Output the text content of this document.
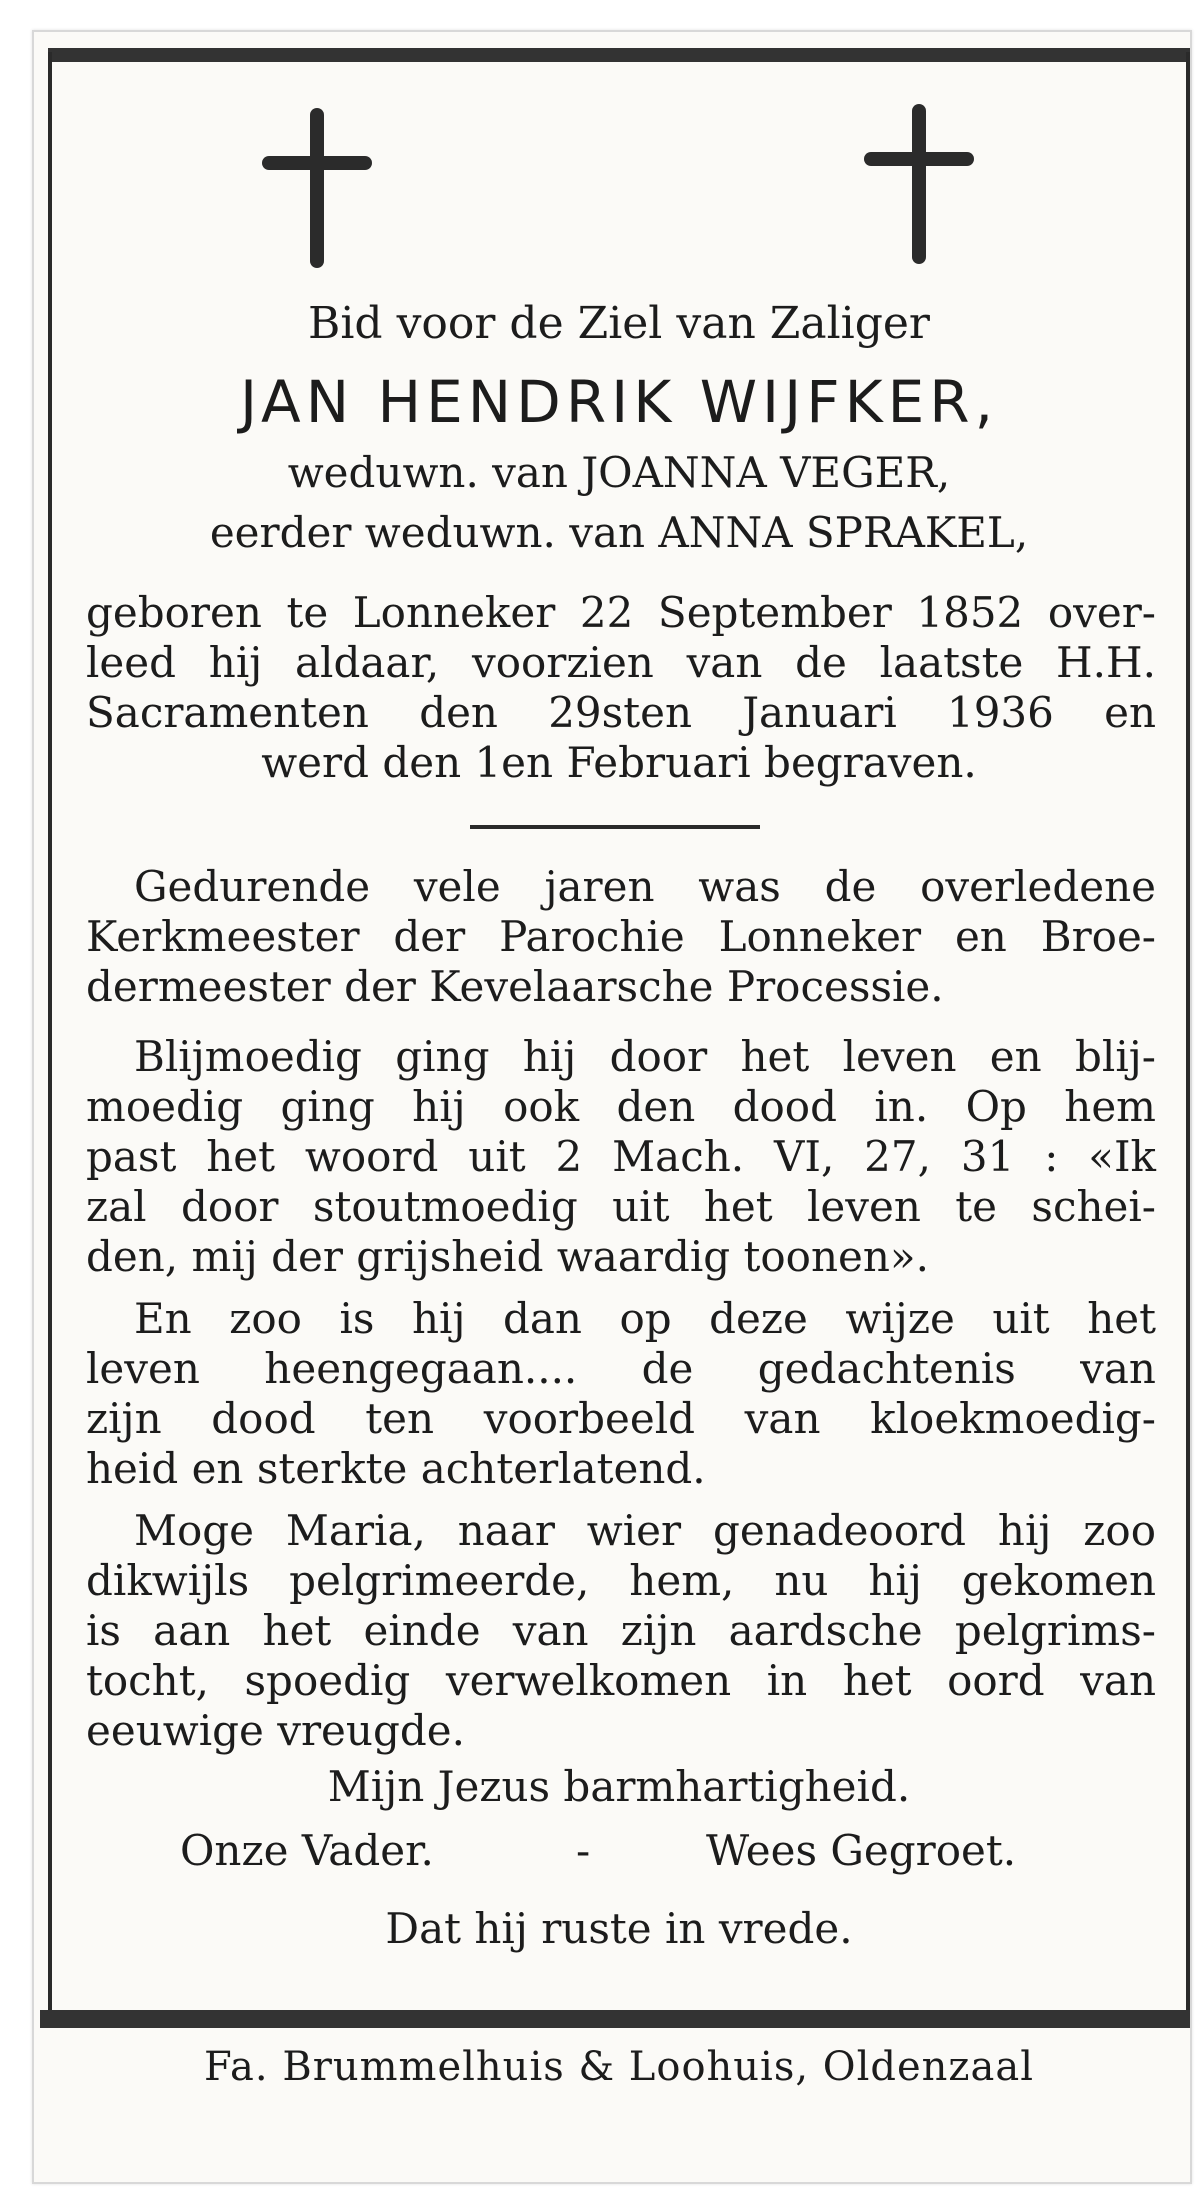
Bid voor de Ziel van Zaliger
JAN HENDRIK WIJFKER,
weduwn. van JOANNA VEGER,
eerder weduwn. van ANNA SPRAKEL,
geboren te Lonneker 22 September 1852 over-
leed hij aldaar, voorzien van de laatste H.H.
Sacramenten den 29sten Januari 1936 en
werd den 1en Februari begraven.
Gedurende vele jaren was de overledene
Kerkmeester der Parochie Lonneker en Broe-
dermeester der Kevelaarsche Processie.
Blijmoedig ging hij door het leven en blij-
moedig ging hij ook den dood in. Op hem
past het woord uit 2 Mach. VI, 27, 31 : «Ik
zal door stoutmoedig uit het leven te schei-
den, mij der grijsheid waardig toonen».
En zoo is hij dan op deze wijze uit het
leven heengegaan.... de gedachtenis van
zijn dood ten voorbeeld van kloekmoedig-
heid en sterkte achterlatend.
Moge Maria, naar wier genadeoord hij zoo
dikwijls pelgrimeerde, hem, nu hij gekomen
is aan het einde van zijn aardsche pelgrims-
tocht, spoedig verwelkomen in het oord van
eeuwige vreugde.
Mijn Jezus barmhartigheid.
Onze Vader.	-	Wees Gegroet.
Dat hij ruste in vrede.
Fa. Brummelhuis & Loohuis, Oldenzaal
